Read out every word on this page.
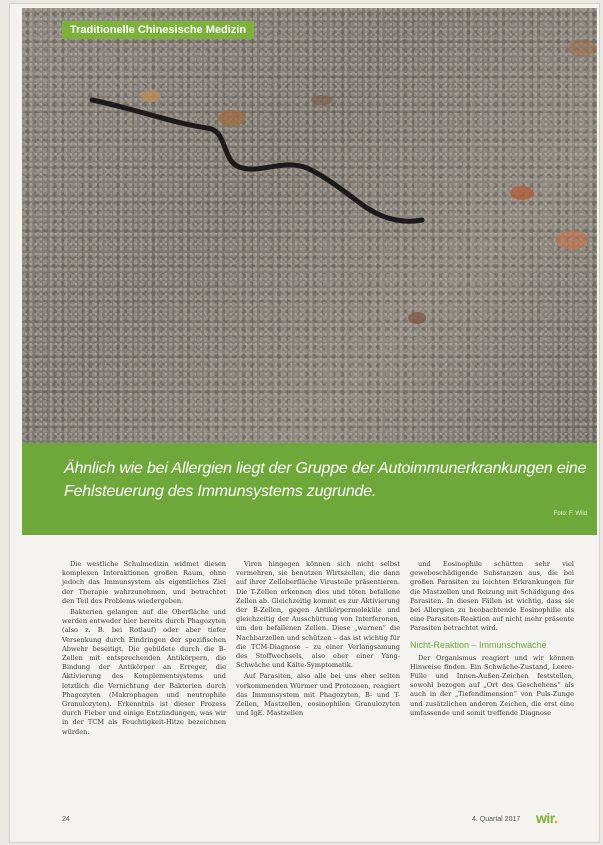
Traditionelle Chinesische Medizin
Ähnlich wie bei Allergien liegt der Gruppe der Autoimmunerkrankungen eine Fehlsteuerung des Immunsystems zugrunde.
Foto: F. Wild

Die westliche Schulmedizin widmet diesen komplexen Interaktionen großen Raum, ohne jedoch das Immunsystem als eigentliches Ziel der Therapie wahrzunehmen, und betrachtet den Teil des Problems wiedergeben.

Bakterien gelangen auf die Oberfläche und werden entweder hier bereits durch Phagozyten (also z. B. bei Rotlauf) oder aber tiefer Versenkung durch Eindringen der spezifischen Abwehr beseitigt. Die gebildete durch die B-Zellen mit entsprechenden Antikörpern, die Bindung der Antikörper an Erreger, die Aktivierung des Komplementsystems und letztlich die Vernichtung der Bakterien durch Phagozyten (Makrophagen und neutrophile Granulozyten). Erkenntnis ist dieser Prozess durch Fieber und einige Entzündungen, was wir in der TCM als Feuchtigkeit-Hitze bezeichnen würden.

Viren hingegen können sich nicht selbst vermehren, sie benutzen Wirtszellen, die dann auf ihrer Zelloberfläche Virusteile präsentieren. Die T-Zellen erkennen dies und töten befallene Zellen ab. Gleichzeitig kommt es zur Aktivierung der B-Zellen, gegen Antikörpermoleküle und gleichzeitig der Ausschüttung von Interferonen, um den befallenen Zellen. Diese „warnen“ die Nachbarzellen und schützen – das ist wichtig für die TCM-Diagnose – zu einer Verlangsamung des Stoffwechsels, also eher einer Yang-Schwäche und Kälte-Symptomatik.

Auf Parasiten, also alle bei uns eher selten vorkommenden Würmer und Protozoen, reagiert das Immunsystem mit Phagozyten, B- und T-Zellen, Mastzellen, eosinophilen Granulozyten und IgE. Mastzellen

und Eosinophile schütten sehr viel gewebeschädigende Substanzen aus, die bei großen Parasiten zu leichten Erkrankungen für die Mastzellen und Reizung mit Schädigung des Parasiten. In diesen Fällen ist wichtig, dass sie bei Allergien zu beobachtende Eosinophilie als eine Parasiten-Reaktion auf nicht mehr präsente Parasiten betrachtet wird.

Nicht-Reaktion – Immunschwäche

Der Organismus reagiert und wir können Hinweise finden. Ein Schwäche-Zustand, Leere-Fülle und Innen-Außen-Zeichen feststellen, sowohl bezogen auf „Ort des Geschehens“ als auch in der „Tiefendimension“ von Puls-Zunge und zusätzlichen anderen Zeichen, die erst eine umfassende und somit treffende Diagnose

24	4. Quartal 2017 wir.
